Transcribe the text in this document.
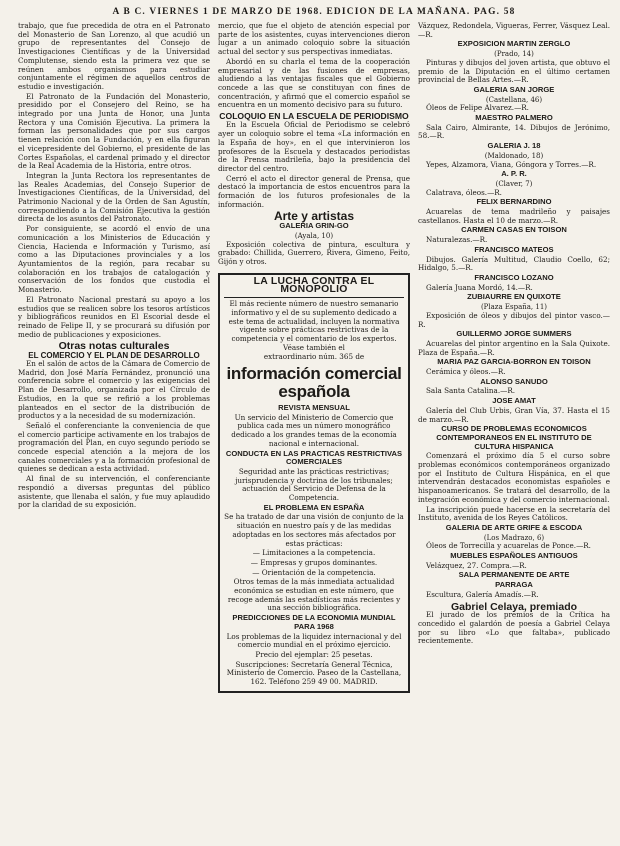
A B C. VIERNES 1 DE MARZO DE 1968. EDICION DE LA MAÑANA. PAG. 58

trabajo, que fue precedida de otra en el Patronato del Monasterio de San Lorenzo, al que acudió un grupo de representantes del Consejo de Investigaciones Científicas y de la Universidad Complutense, siendo esta la primera vez que se reúnen ambos organismos para estudiar conjuntamente el régimen de aquellos centros de estudio e investigación.

El Patronato de la Fundación del Monasterio, presidido por el Consejero del Reino, se ha integrado por una Junta de Honor, una Junta Rectora y una Comisión Ejecutiva. La primera la forman las personalidades que por sus cargos tienen relación con la Fundación, y en ella figuran el vicepresidente del Gobierno, el presidente de las Cortes Españolas, el cardenal primado y el director de la Real Academia de la Historia, entre otros.

Integran la Junta Rectora los representantes de las Reales Academias, del Consejo Superior de Investigaciones Científicas, de la Universidad, del Patrimonio Nacional y de la Orden de San Agustín, correspondiendo a la Comisión Ejecutiva la gestión directa de los asuntos del Patronato.

Por consiguiente, se acordó el envío de una comunicación a los Ministerios de Educación y Ciencia, Hacienda e Información y Turismo, así como a las Diputaciones provinciales y a los Ayuntamientos de la región, para recabar su colaboración en los trabajos de catalogación y conservación de los fondos que custodia el Monasterio.

El Patronato Nacional prestará su apoyo a los estudios que se realicen sobre los tesoros artísticos y bibliográficos reunidos en El Escorial desde el reinado de Felipe II, y se procurará su difusión por medio de publicaciones y exposiciones.

Otras notas culturales
EL COMERCIO Y EL PLAN DE DESARROLLO

En el salón de actos de la Cámara de Comercio de Madrid, don José María Fernández, pronunció una conferencia sobre el comercio y las exigencias del Plan de Desarrollo, organizada por el Círculo de Estudios, en la que se refirió a los problemas planteados en el sector de la distribución de productos y a la necesidad de su modernización.

Señaló el conferenciante la conveniencia de que el comercio participe activamente en los trabajos de programación del Plan, en cuyo segundo período se concede especial atención a la mejora de los canales comerciales y a la formación profesional de quienes se dedican a esta actividad.

Al final de su intervención, el conferenciante respondió a diversas preguntas del público asistente, que llenaba el salón, y fue muy aplaudido por la claridad de su exposición.

mercio, que fue el objeto de atención especial por parte de los asistentes, cuyas intervenciones dieron lugar a un animado coloquio sobre la situación actual del sector y sus perspectivas inmediatas.

Abordó en su charla el tema de la cooperación empresarial y de las fusiones de empresas, aludiendo a las ventajas fiscales que el Gobierno concede a las que se constituyan con fines de concentración, y afirmó que el comercio español se encuentra en un momento decisivo para su futuro.

COLOQUIO EN LA ESCUELA DE PERIODISMO

En la Escuela Oficial de Periodismo se celebró ayer un coloquio sobre el tema «La información en la España de hoy», en el que intervinieron los profesores de la Escuela y destacados periodistas de la Prensa madrileña, bajo la presidencia del director del centro.

Cerró el acto el director general de Prensa, que destacó la importancia de estos encuentros para la formación de los futuros profesionales de la información.

Arte y artistas
GALERIA GRIN-GO
(Ayala, 10)

Exposición colectiva de pintura, escultura y grabado: Chillida, Guerrero, Rivera, Gimeno, Feito, Gijón y otros.

LA LUCHA CONTRA EL MONOPOLIO

El más reciente número de nuestro semanario informativo y el de su suplemento dedicado a este tema de actualidad, incluyen la normativa vigente sobre prácticas restrictivas de la competencia y el comentario de los expertos. Véase también el

extraordinario núm. 365 de

información comercial española
REVISTA MENSUAL

Un servicio del Ministerio de Comercio que publica cada mes un número monográfico dedicado a los grandes temas de la economía nacional e internacional.

CONDUCTA EN LAS PRACTICAS RESTRICTIVAS COMERCIALES

Seguridad ante las prácticas restrictivas; jurisprudencia y doctrina de los tribunales; actuación del Servicio de Defensa de la Competencia.

EL PROBLEMA EN ESPAÑA

Se ha tratado de dar una visión de conjunto de la situación en nuestro país y de las medidas adoptadas en los sectores más afectados por estas prácticas:

— Limitaciones a la competencia.

— Empresas y grupos dominantes.

— Orientación de la competencia.

Otros temas de la más inmediata actualidad económica se estudian en este número, que recoge además las estadísticas más recientes y una sección bibliográfica.

PREDICCIONES DE LA ECONOMIA MUNDIAL PARA 1968

Los problemas de la liquidez internacional y del comercio mundial en el próximo ejercicio.

Precio del ejemplar: 25 pesetas.

Suscripciones: Secretaría General Técnica, Ministerio de Comercio. Paseo de la Castellana, 162. Teléfono 259 49 00. MADRID.

Vázquez, Redondela, Vigueras, Ferrer, Vásquez Leal.—R.

EXPOSICION MARTIN ZERGLO
(Prado, 14)

Pinturas y dibujos del joven artista, que obtuvo el premio de la Diputación en el último certamen provincial de Bellas Artes.—R.

GALERIA SAN JORGE
(Castellana, 46)

Óleos de Felipe Alvarez.—R.

MAESTRO PALMERO

Sala Cairo, Almirante, 14. Dibujos de Jerónimo, 58.—R.

GALERIA J. 18
(Maldonado, 18)

Yepes, Alzamora, Viana, Góngora y Torres.—R.

A. P. R.
(Claver, 7)

Calatrava, óleos.—R.

FELIX BERNARDINO

Acuarelas de tema madrileño y paisajes castellanos. Hasta el 10 de marzo.—R.

CARMEN CASAS EN TOISON

Naturalezas.—R.

FRANCISCO MATEOS

Dibujos. Galería Multitud, Claudio Coello, 62; Hidalgo, 5.—R.

FRANCISCO LOZANO

Galería Juana Mordó, 14.—R.

ZUBIAURRE EN QUIXOTE
(Plaza España, 11)

Exposición de óleos y dibujos del pintor vasco.—R.

GUILLERMO JORGE SUMMERS

Acuarelas del pintor argentino en la Sala Quixote. Plaza de España.—R.

MARIA PAZ GARCIA-BORRON EN TOISON

Cerámica y óleos.—R.

ALONSO SANUDO

Sala Santa Catalina.—R.

JOSE AMAT

Galería del Club Urbis, Gran Vía, 37. Hasta el 15 de marzo.—R.

CURSO DE PROBLEMAS ECONOMICOS CONTEMPORANEOS EN EL INSTITUTO DE CULTURA HISPANICA

Comenzará el próximo día 5 el curso sobre problemas económicos contemporáneos organizado por el Instituto de Cultura Hispánica, en el que intervendrán destacados economistas españoles e hispanoamericanos. Se tratará del desarrollo, de la integración económica y del comercio internacional.

La inscripción puede hacerse en la secretaría del Instituto, avenida de los Reyes Católicos.

GALERIA DE ARTE GRIFE & ESCODA
(Los Madrazo, 6)

Óleos de Torrecilla y acuarelas de Ponce.—R.

MUEBLES ESPAÑOLES ANTIGUOS

Velázquez, 27. Compra.—R.

SALA PERMANENTE DE ARTE
PARRAGA

Escultura, Galería Amadís.—R.

Gabriel Celaya, premiado

El jurado de los premios de la Crítica ha concedido el galardón de poesía a Gabriel Celaya por su libro «Lo que faltaba», publicado recientemente.
